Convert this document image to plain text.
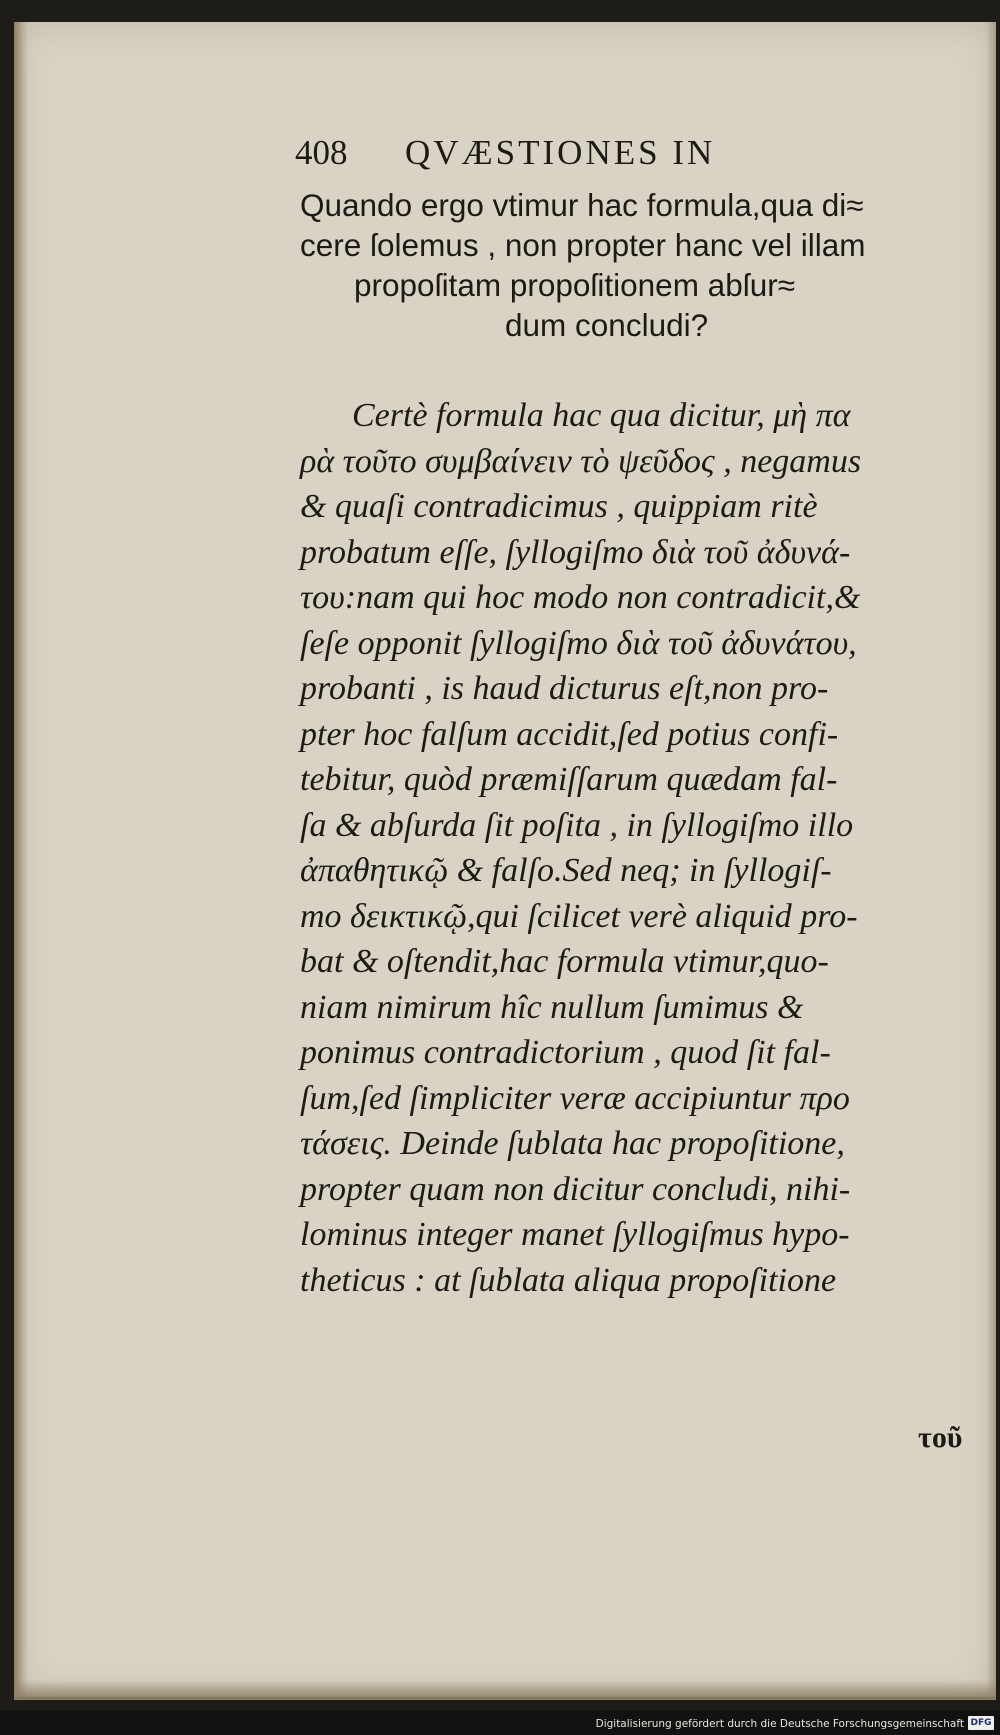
408 QVÆSTIONES IN
Quando ergo vtimur hac formula,qua di≈
cere ſolemus , non propter hanc vel illam
propoſitam propoſitionem abſur≈
dum concludi?
Certè formula hac qua dicitur, μὴ πα
ρὰ τοῦτο συμβαίνειν τὸ ψεῦδος , negamus
& quaſi contradicimus , quippiam ritè
probatum eſſe, ſyllogiſmo διὰ τοῦ ἀδυνά-
του:nam qui hoc modo non contradicit,&
ſeſe opponit ſyllogiſmo διὰ τοῦ ἀδυνάτου,
probanti , is haud dicturus eſt,non pro-
pter hoc falſum accidit,ſed potius confi-
tebitur, quòd præmiſſarum quædam fal-
ſa & abſurda ſit poſita , in ſyllogiſmo illo
ἀπαθητικῷ & falſo.Sed neq; in ſyllogiſ-
mo δεικτικῷ,qui ſcilicet verè aliquid pro-
bat & oſtendit,hac formula vtimur,quo-
niam nimirum hîc nullum ſumimus &
ponimus contradictorium , quod ſit fal-
ſum,ſed ſimpliciter veræ accipiuntur προ
τάσεις. Deinde ſublata hac propoſitione,
propter quam non dicitur concludi, nihi-
lominus integer manet ſyllogiſmus hypo-
theticus : at ſublata aliqua propoſitione
τοῦ
Digitalisierung gefördert durch die Deutsche Forschungsgemeinschaft DFG
